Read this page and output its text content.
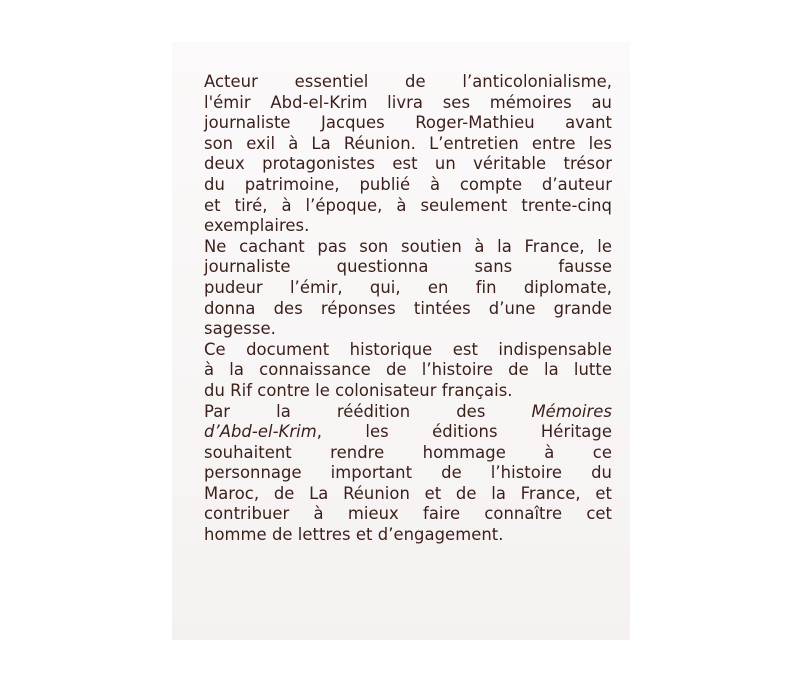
Acteur essentiel de l’anticolonialisme,
l'émir Abd-el-Krim livra ses mémoires au
journaliste Jacques Roger-Mathieu avant
son exil à La Réunion. L’entretien entre les
deux protagonistes est un véritable trésor
du patrimoine, publié à compte d’auteur
et tiré, à l’époque, à seulement trente-cinq
exemplaires.

Ne cachant pas son soutien à la France, le
journaliste questionna sans fausse
pudeur l’émir, qui, en fin diplomate,
donna des réponses tintées d’une grande
sagesse.

Ce document historique est indispensable
à la connaissance de l’histoire de la lutte
du Rif contre le colonisateur français.

Par la réédition des	Mémoires
d’Abd-el-Krim, les éditions Héritage
souhaitent rendre hommage à ce
personnage important de l’histoire du
Maroc, de La Réunion et de la France, et
contribuer à mieux faire connaître cet
homme de lettres et d’engagement.
